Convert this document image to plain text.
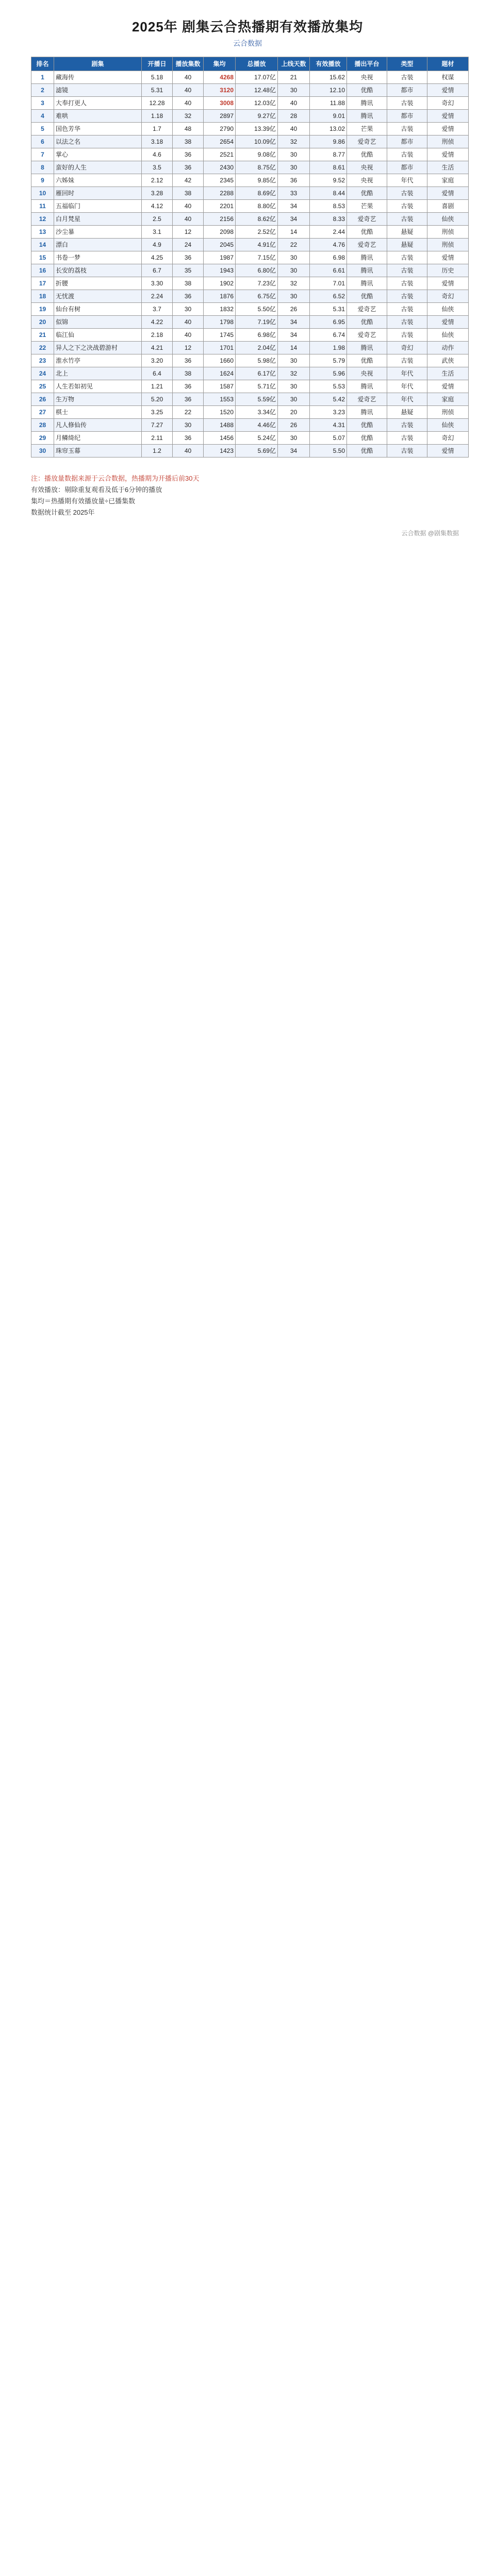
2025年 剧集云合热播期有效播放集均
云合数据
排名	剧集	开播日	播放集数	集均	总播放	上线天数	有效播放	播出平台	类型	题材
1	藏海传	5.18	40	4268	17.07亿	21	15.62	央视	古装	权谋
2	滤镜	5.31	40	3120	12.48亿	30	12.10	优酷	都市	爱情
3	大奉打更人	12.28	40	3008	12.03亿	40	11.88	腾讯	古装	奇幻
4	难哄	1.18	32	2897	9.27亿	28	9.01	腾讯	都市	爱情
5	国色芳华	1.7	48	2790	13.39亿	40	13.02	芒果	古装	爱情
6	以法之名	3.18	38	2654	10.09亿	32	9.86	爱奇艺	都市	刑侦
7	掌心	4.6	36	2521	9.08亿	30	8.77	优酷	古装	爱情
8	蛮好的人生	3.5	36	2430	8.75亿	30	8.61	央视	都市	生活
9	六姊妹	2.12	42	2345	9.85亿	36	9.52	央视	年代	家庭
10	雁回时	3.28	38	2288	8.69亿	33	8.44	优酷	古装	爱情
11	五福临门	4.12	40	2201	8.80亿	34	8.53	芒果	古装	喜剧
12	白月梵星	2.5	40	2156	8.62亿	34	8.33	爱奇艺	古装	仙侠
13	沙尘暴	3.1	12	2098	2.52亿	14	2.44	优酷	悬疑	刑侦
14	漂白	4.9	24	2045	4.91亿	22	4.76	爱奇艺	悬疑	刑侦
15	书卷一梦	4.25	36	1987	7.15亿	30	6.98	腾讯	古装	爱情
16	长安的荔枝	6.7	35	1943	6.80亿	30	6.61	腾讯	古装	历史
17	折腰	3.30	38	1902	7.23亿	32	7.01	腾讯	古装	爱情
18	无忧渡	2.24	36	1876	6.75亿	30	6.52	优酷	古装	奇幻
19	仙台有树	3.7	30	1832	5.50亿	26	5.31	爱奇艺	古装	仙侠
20	似锦	4.22	40	1798	7.19亿	34	6.95	优酷	古装	爱情
21	临江仙	2.18	40	1745	6.98亿	34	6.74	爱奇艺	古装	仙侠
22	异人之下之决战碧游村	4.21	12	1701	2.04亿	14	1.98	腾讯	奇幻	动作
23	淮水竹亭	3.20	36	1660	5.98亿	30	5.79	优酷	古装	武侠
24	北上	6.4	38	1624	6.17亿	32	5.96	央视	年代	生活
25	人生若如初见	1.21	36	1587	5.71亿	30	5.53	腾讯	年代	爱情
26	生万物	5.20	36	1553	5.59亿	30	5.42	爱奇艺	年代	家庭
27	棋士	3.25	22	1520	3.34亿	20	3.23	腾讯	悬疑	刑侦
28	凡人修仙传	7.27	30	1488	4.46亿	26	4.31	优酷	古装	仙侠
29	月鳞绮纪	2.11	36	1456	5.24亿	30	5.07	优酷	古装	奇幻
30	珠帘玉幕	1.2	40	1423	5.69亿	34	5.50	优酷	古装	爱情
注：播放量数据来源于云合数据，热播期为开播后前30天
有效播放：剔除重复观看及低于6分钟的播放
集均＝热播期有效播放量÷已播集数
数据统计截至 2025年
云合数据 @剧集数据
